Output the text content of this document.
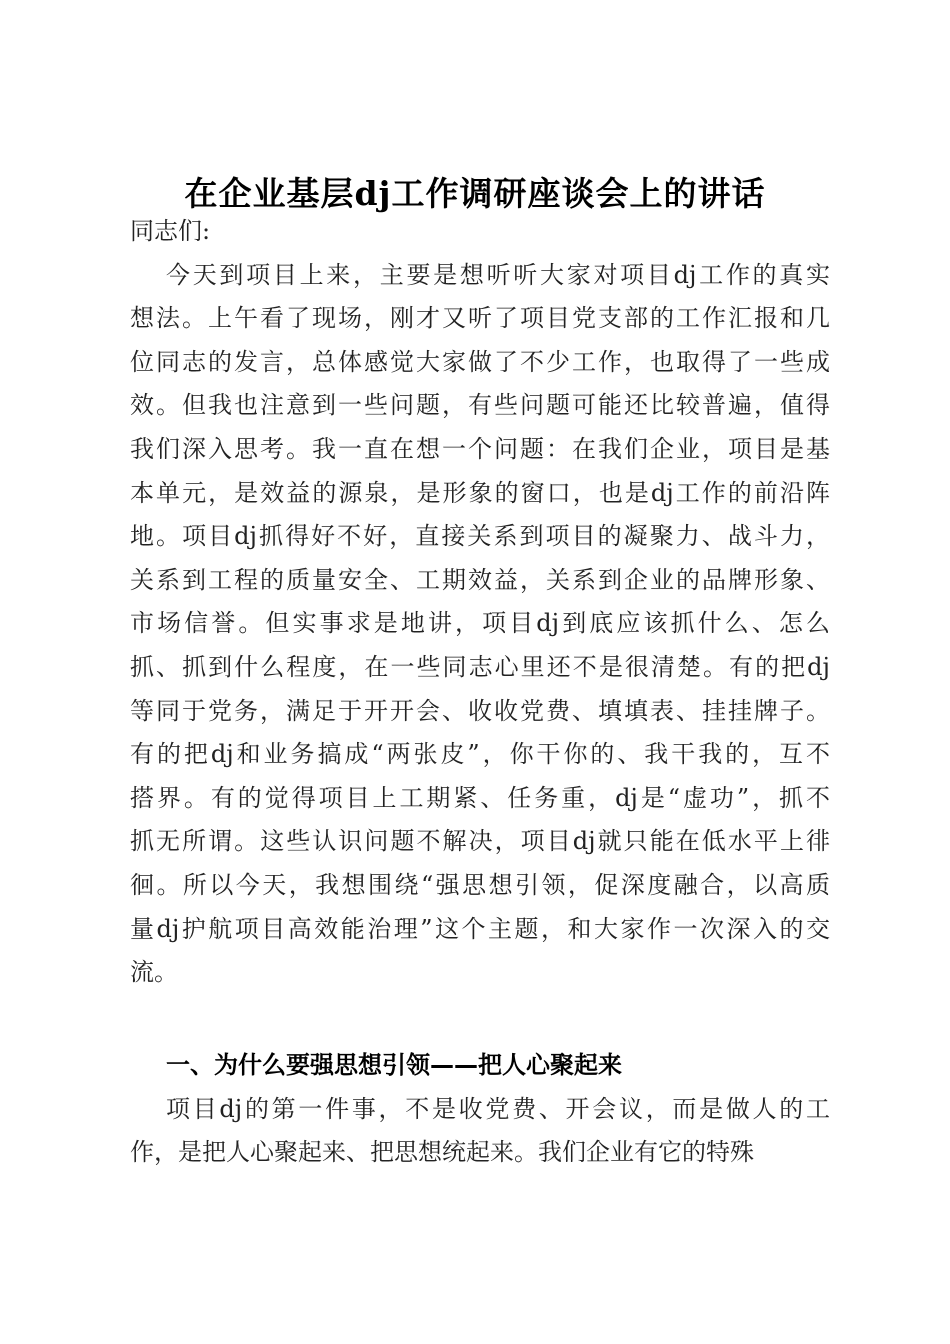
在企业基层dj工作调研座谈会上的讲话
同志们:
今天到项目上来，主要是想听听大家对项目dj工作的真实
想法。上午看了现场，刚才又听了项目党支部的工作汇报和几
位同志的发言，总体感觉大家做了不少工作，也取得了一些成
效。但我也注意到一些问题，有些问题可能还比较普遍，值得
我们深入思考。我一直在想一个问题：在我们企业，项目是基
本单元，是效益的源泉，是形象的窗口，也是dj工作的前沿阵
地。项目dj抓得好不好，直接关系到项目的凝聚力、战斗力，
关系到工程的质量安全、工期效益，关系到企业的品牌形象、
市场信誉。但实事求是地讲，项目dj到底应该抓什么、怎么
抓、抓到什么程度，在一些同志心里还不是很清楚。有的把dj
等同于党务，满足于开开会、收收党费、填填表、挂挂牌子。
有的把dj和业务搞成“两张皮”，你干你的、我干我的，互不
搭界。有的觉得项目上工期紧、任务重，dj是“虚功”，抓不
抓无所谓。这些认识问题不解决，项目dj就只能在低水平上徘
徊。所以今天，我想围绕“强思想引领，促深度融合，以高质
量dj护航项目高效能治理”这个主题，和大家作一次深入的交
流。
一、为什么要强思想引领——把人心聚起来
项目dj的第一件事，不是收党费、开会议，而是做人的工
作，是把人心聚起来、把思想统起来。我们企业有它的特殊
